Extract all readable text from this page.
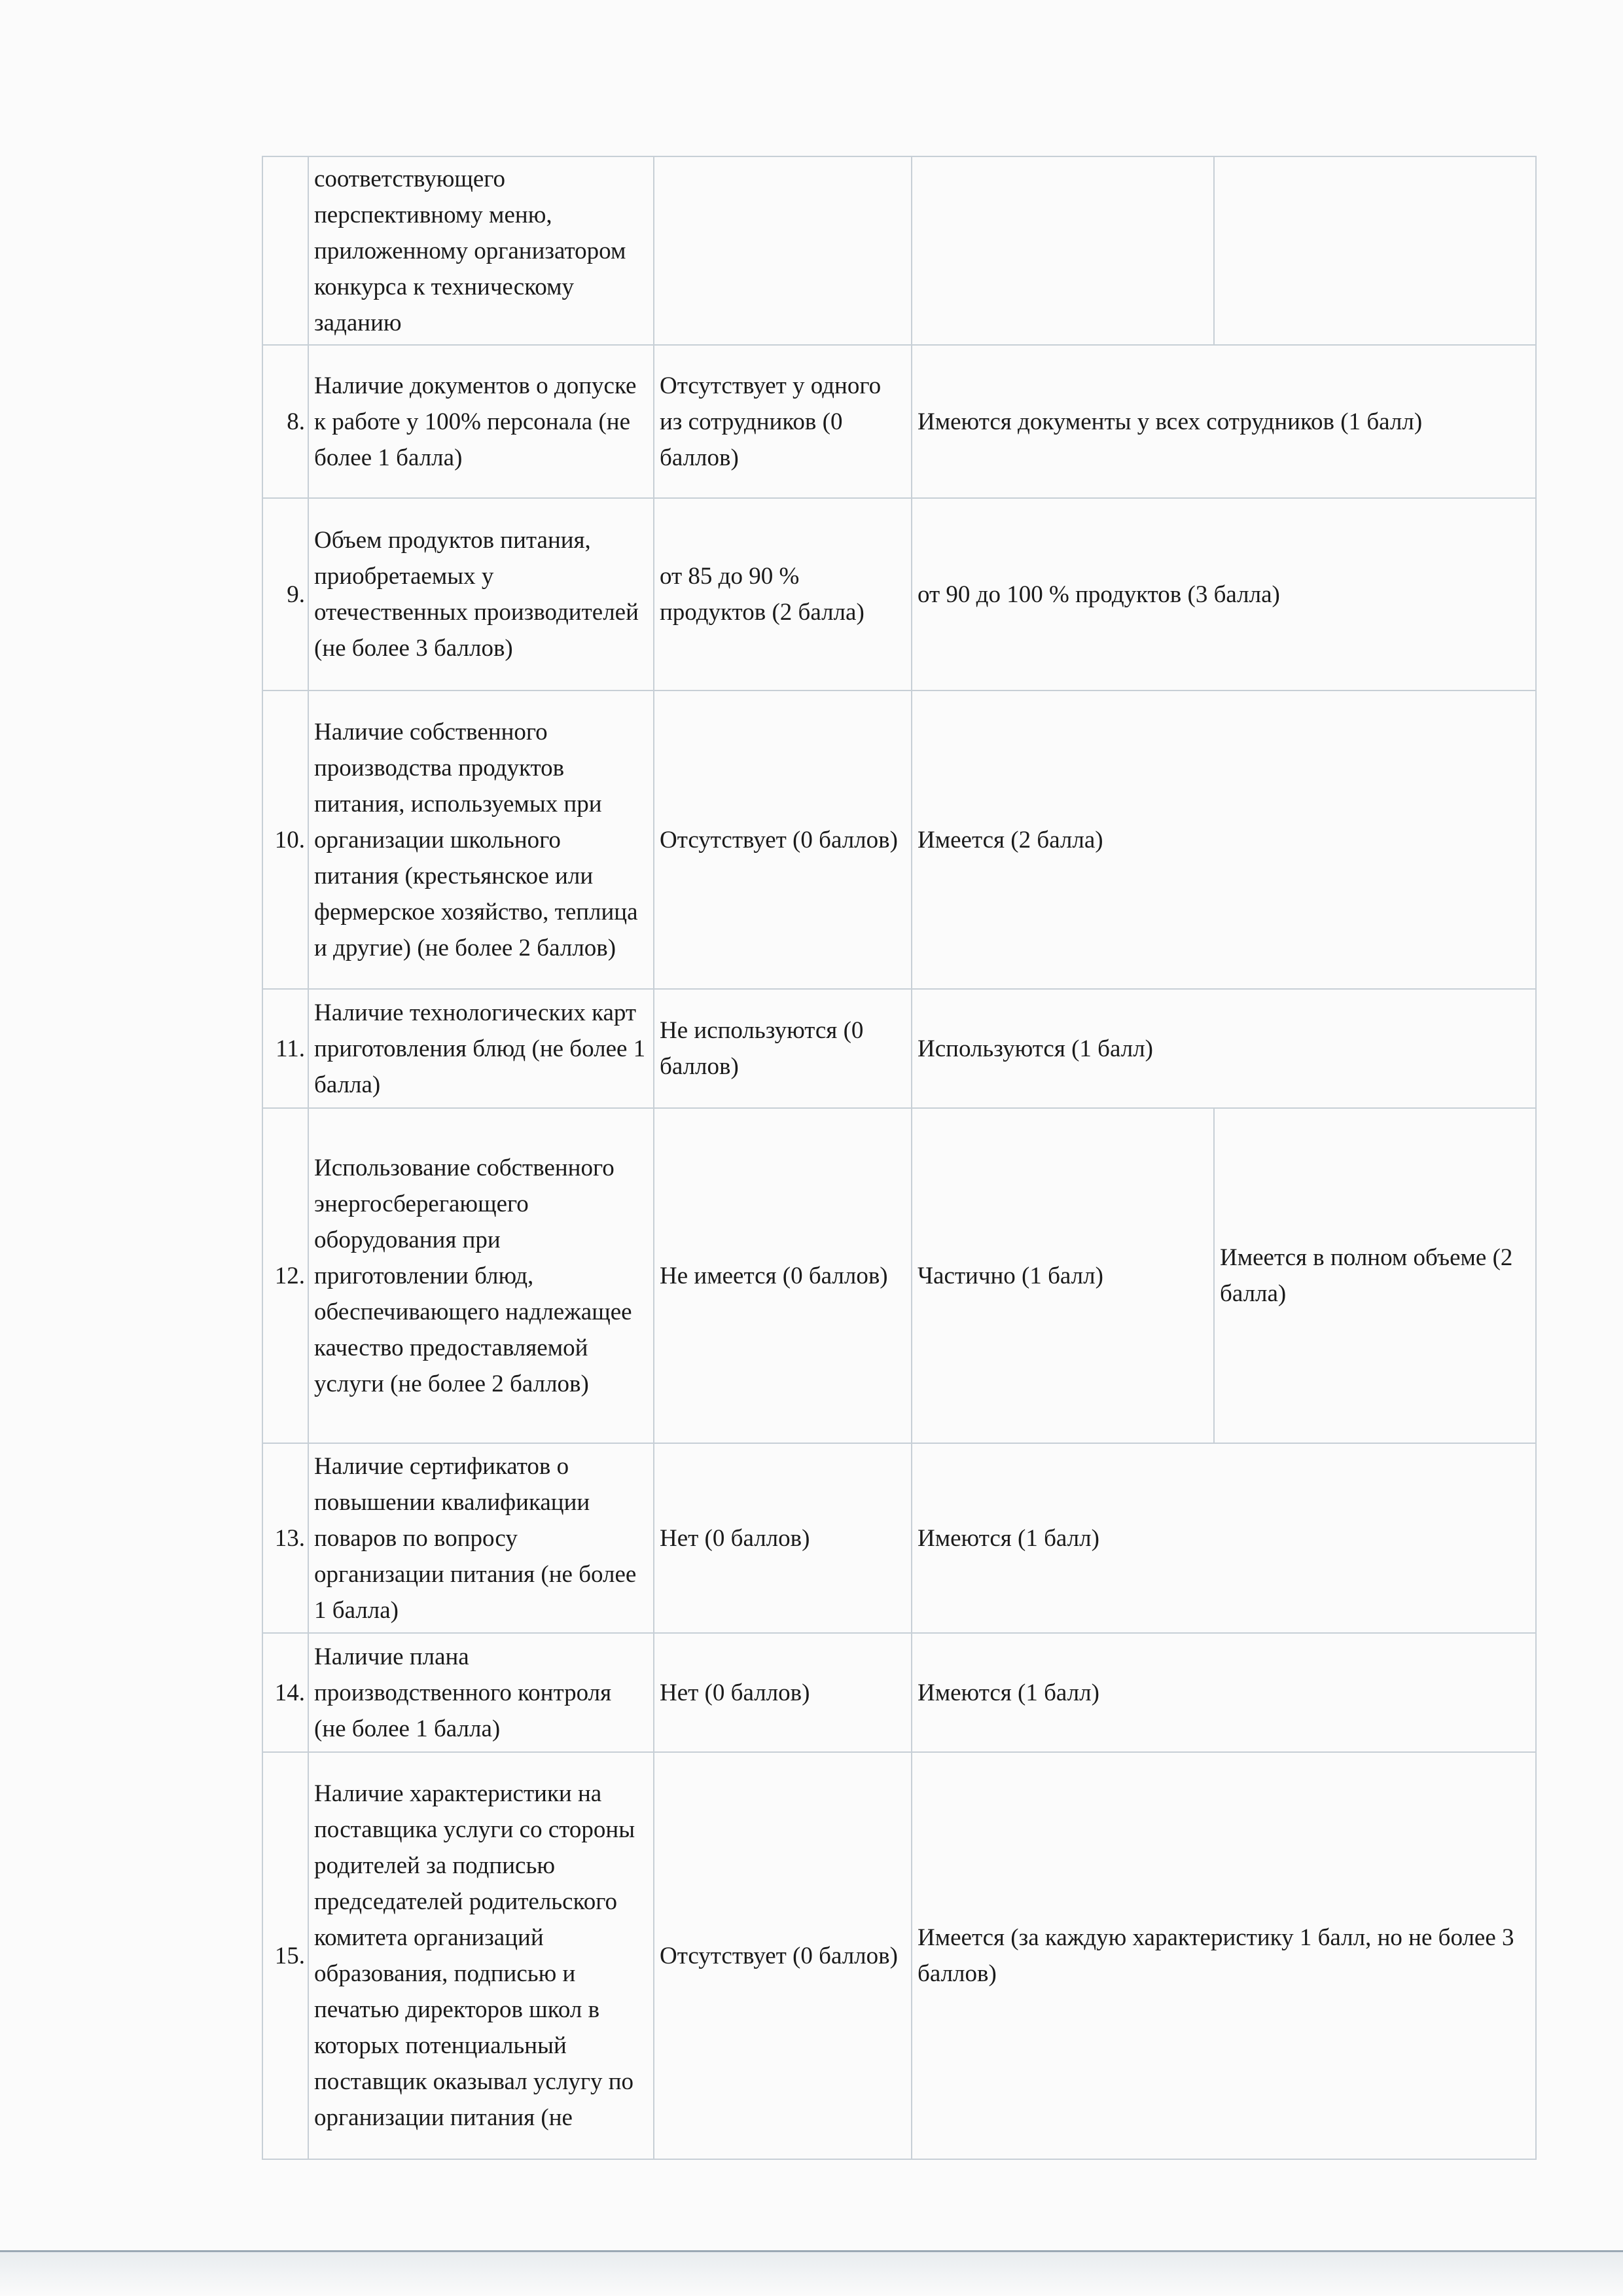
	соответствующего перспективному меню, приложенному организатором конкурса к техническому заданию			
8.	Наличие документов о допуске к работе у 100% персонала (не более 1 балла)	Отсутствует у одного из сотрудников (0 баллов)	Имеются документы у всех сотрудников (1 балл)	
9.	Объем продуктов питания, приобретаемых у отечественных производителей (не более 3 баллов)	от 85 до 90 % продуктов (2 балла)	от 90 до 100 % продуктов (3 балла)	
10.	Наличие собственного производства продуктов питания, используемых при организации школьного питания (крестьянское или фермерское хозяйство, теплица и другие) (не более 2 баллов)	Отсутствует (0 баллов)	Имеется (2 балла)	
11.	Наличие технологических карт приготовления блюд (не более 1 балла)	Не используются (0 баллов)	Используются (1 балл)	
12.	Использование собственного энергосберегающего оборудования при приготовлении блюд, обеспечивающего надлежащее качество предоставляемой услуги (не более 2 баллов)	Не имеется (0 баллов)	Частично (1 балл)	Имеется в полном объеме (2 балла)
13.	Наличие сертификатов о повышении квалификации поваров по вопросу организации питания (не более 1 балла)	Нет (0 баллов)	Имеются (1 балл)	
14.	Наличие плана производственного контроля (не более 1 балла)	Нет (0 баллов)	Имеются (1 балл)	
15.	Наличие характеристики на поставщика услуги со стороны родителей за подписью председателей родительского комитета организаций образования, подписью и печатью директоров школ в которых потенциальный поставщик оказывал услугу по организации питания (не	Отсутствует (0 баллов)	Имеется (за каждую характеристику 1 балл, но не более 3 баллов)	
